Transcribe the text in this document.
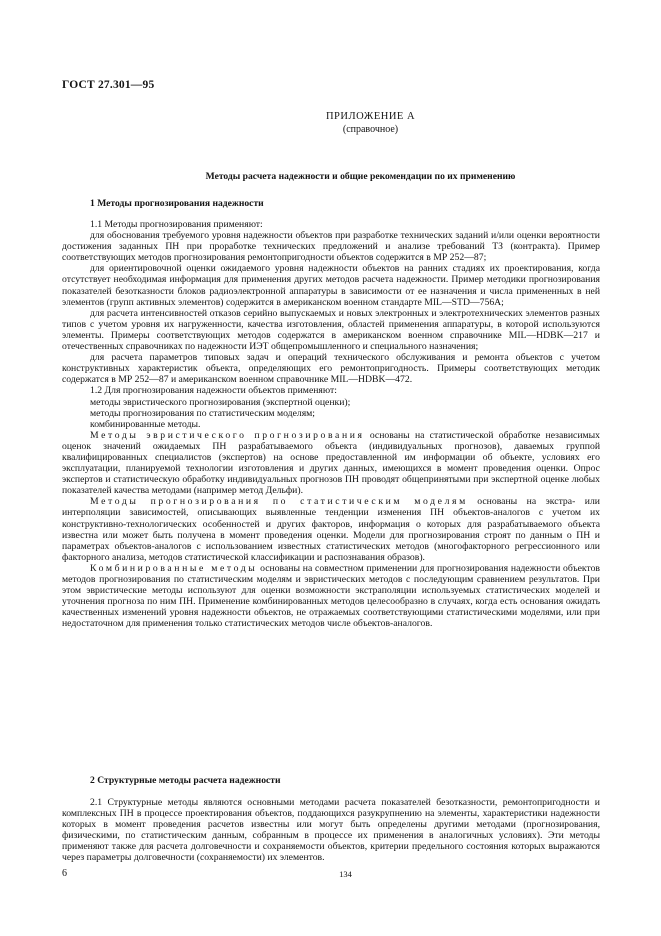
ГОСТ 27.301—95
ПРИЛОЖЕНИЕ А
(справочное)
Методы расчета надежности и общие рекомендации по их применению
1 Методы прогнозирования надежности

1.1 Методы прогнозирования применяют:

для обоснования требуемого уровня надежности объектов при разработке технических заданий и/или оценки вероятности достижения заданных ПН при проработке технических предложений и анализе требований ТЗ (контракта). Пример соответствующих методов прогнозирования ремонтопригодности объектов содержится в МР 252—87;

для ориентировочной оценки ожидаемого уровня надежности объектов на ранних стадиях их проектирования, когда отсутствует необходимая информация для применения других методов расчета надежности. Пример методики прогнозирования показателей безотказности блоков радиоэлектронной аппаратуры в зависимости от ее назначения и числа примененных в ней элементов (групп активных элементов) содержится в американском военном стандарте MIL—STD—756A;

для расчета интенсивностей отказов серийно выпускаемых и новых электронных и электротехнических элементов разных типов с учетом уровня их нагруженности, качества изготовления, областей применения аппаратуры, в которой используются элементы. Примеры соответствующих методов содержатся в американском военном справочнике MIL—HDBK—217 и отечественных справочниках по надежности ИЭТ общепромышленного и специального назначения;

для расчета параметров типовых задач и операций технического обслуживания и ремонта объектов с учетом конструктивных характеристик объекта, определяющих его ремонтопригодность. Примеры соответствующих методик содержатся в МР 252—87 и американском военном справочнике MIL—HDBK—472.

1.2 Для прогнозирования надежности объектов применяют:

методы эвристического прогнозирования (экспертной оценки);

методы прогнозирования по статистическим моделям;

комбинированные методы.

Методы эвристического прогнозирования основаны на статистической обработке независимых оценок значений ожидаемых ПН разрабатываемого объекта (индивидуальных прогнозов), даваемых группой квалифицированных специалистов (экспертов) на основе предоставленной им информации об объекте, условиях его эксплуатации, планируемой технологии изготовления и других данных, имеющихся в момент проведения оценки. Опрос экспертов и статистическую обработку индивидуальных прогнозов ПН проводят общепринятыми при экспертной оценке любых показателей качества методами (например метод Дельфи).

Методы прогнозирования по статистическим моделям основаны на экстра- или интерполяции зависимостей, описывающих выявленные тенденции изменения ПН объектов-аналогов с учетом их конструктивно-технологических особенностей и других факторов, информация о которых для разрабатываемого объекта известна или может быть получена в момент проведения оценки. Модели для прогнозирования строят по данным о ПН и параметрах объектов-аналогов с использованием известных статистических методов (многофакторного регрессионного или факторного анализа, методов статистической классификации и распознавания образов).

Комбинированные методы основаны на совместном применении для прогнозирования надежности объектов методов прогнозирования по статистическим моделям и эвристических методов с последующим сравнением результатов. При этом эвристические методы используют для оценки возможности экстраполяции используемых статистических моделей и уточнения прогноза по ним ПН. Применение комбинированных методов целесообразно в случаях, когда есть основания ожидать качественных изменений уровня надежности объектов, не отражаемых соответствующими статистическими моделями, или при недостаточном для применения только статистических методов числе объектов-аналогов.

2 Структурные методы расчета надежности

2.1 Структурные методы являются основными методами расчета показателей безотказности, ремонтопригодности и комплексных ПН в процессе проектирования объектов, поддающихся разукрупнению на элементы, характеристики надежности которых в момент проведения расчетов известны или могут быть определены другими методами (прогнозирования, физическими, по статистическим данным, собранным в процессе их применения в аналогичных условиях). Эти методы применяют также для расчета долговечности и сохраняемости объектов, критерии предельного состояния которых выражаются через параметры долговечности (сохраняемости) их элементов.

6	134
